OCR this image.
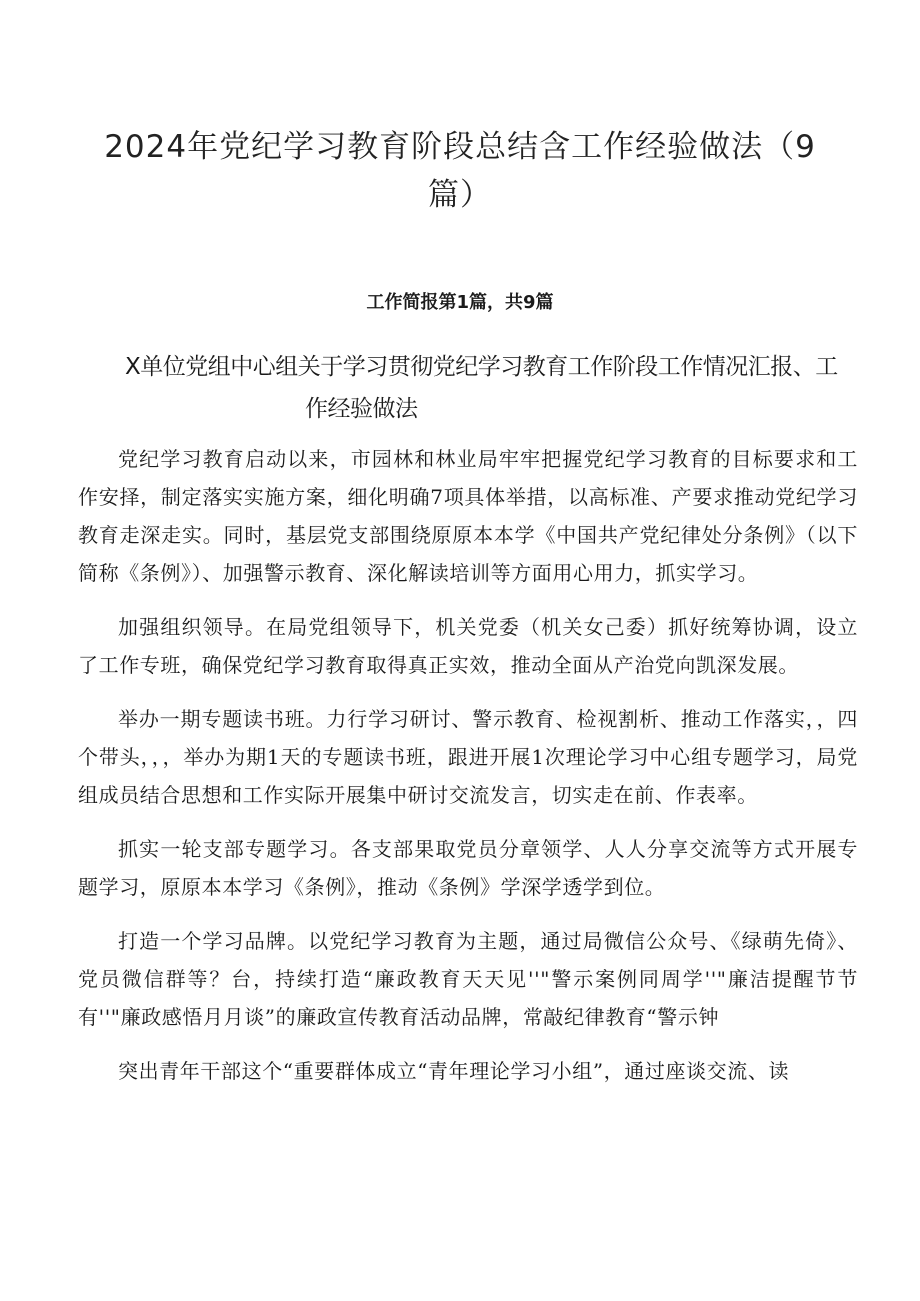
2024年党纪学习教育阶段总结含工作经验做法（9篇）
工作简报第1篇，共9篇
X单位党组中心组关于学习贯彻党纪学习教育工作阶段工作情况汇报、工
作经验做法

党纪学习教育启动以来，市园林和林业局牢牢把握党纪学习教育的目标要求和工作安择，制定落实实施方案，细化明确7项具体举措，以高标准、产要求推动党纪学习教育走深走实。同时，基层党支部围绕原原本本学《中国共产党纪律处分条例》（以下简称《条例》）、加强警示教育、深化解读培训等方面用心用力，抓实学习。

加强组织领导。在局党组领导下，机关党委（机关女己委）抓好统筹协调，设立了工作专班，确保党纪学习教育取得真正实效，推动全面从产治党向凯深发展。

举办一期专题读书班。力行学习研讨、警示教育、检视割析、推动工作落实，，四个带头，，，举办为期1天的专题读书班，跟进开展1次理论学习中心组专题学习，局党组成员结合思想和工作实际开展集中研讨交流发言，切实走在前、作表率。

抓实一轮支部专题学习。各支部果取党员分章领学、人人分享交流等方式开展专题学习，原原本本学习《条例》，推动《条例》学深学透学到位。

打造一个学习品牌。以党纪学习教育为主题，通过局微信公众号、《绿萌先倚》、党员微信群等？台，持续打造“廉政教育天天见''"警示案例同周学''"廉洁提醒节节有''"廉政感悟月月谈”的廉政宣传教育活动品牌，常敲纪律教育“警示钟

突出青年干部这个“重要群体成立“青年理论学习小组”，通过座谈交流、读
